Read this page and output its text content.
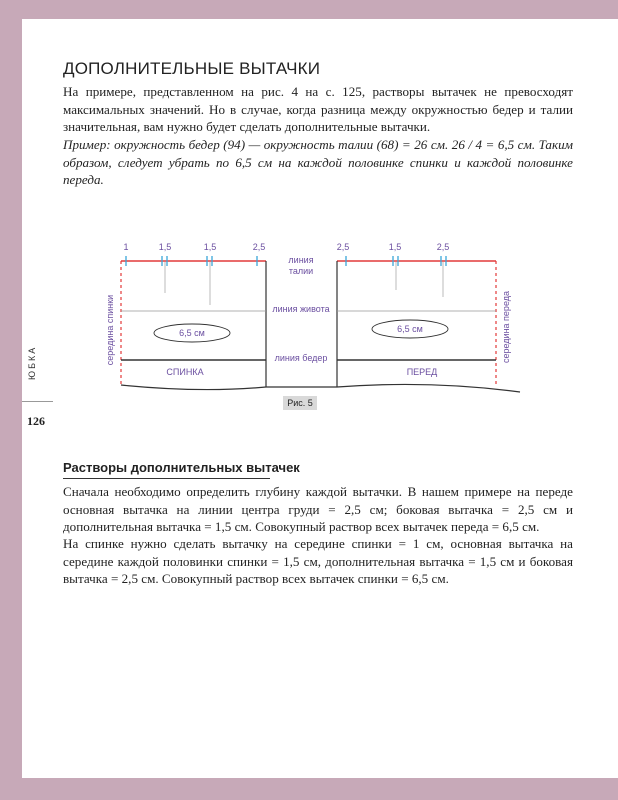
ЮБКА
126
ДОПОЛНИТЕЛЬНЫЕ ВЫТАЧКИ

На примере, представленном на рис. 4 на с. 125, растворы вытачек не превосходят максимальных значений. Но в случае, когда разница между окружностью бедер и талии значительная, вам нужно будет сделать дополнительные вытачки.

Пример: окружность бедер (94) — окружность талии (68) = 26 см. 26 / 4 = 6,5 см. Таким образом, следует убрать по 6,5 см на каждой половинке спинки и каждой половинке переда.

1	1,5	1,5	2,5	2,5	1,5	2,5
линия
талии
линия живота
линия бедер
6,5 см	6,5 см
СПИНКА	ПЕРЕД
середина спинки	середина переда
Рис. 5
Растворы дополнительных вытачек

Сначала необходимо определить глубину каждой вытачки. В нашем примере на переде основная вытачка на линии центра груди = 2,5 см; боковая вытачка = 2,5 см и дополнительная вытачка = 1,5 см. Совокупный раствор всех вытачек переда = 6,5 см.

На спинке нужно сделать вытачку на середине спинки = 1 см, основная вытачка на середине каждой половинки спинки = 1,5 см, дополнительная вытачка = 1,5 см и боковая вытачка = 2,5 см. Совокупный раствор всех вытачек спинки = 6,5 см.
